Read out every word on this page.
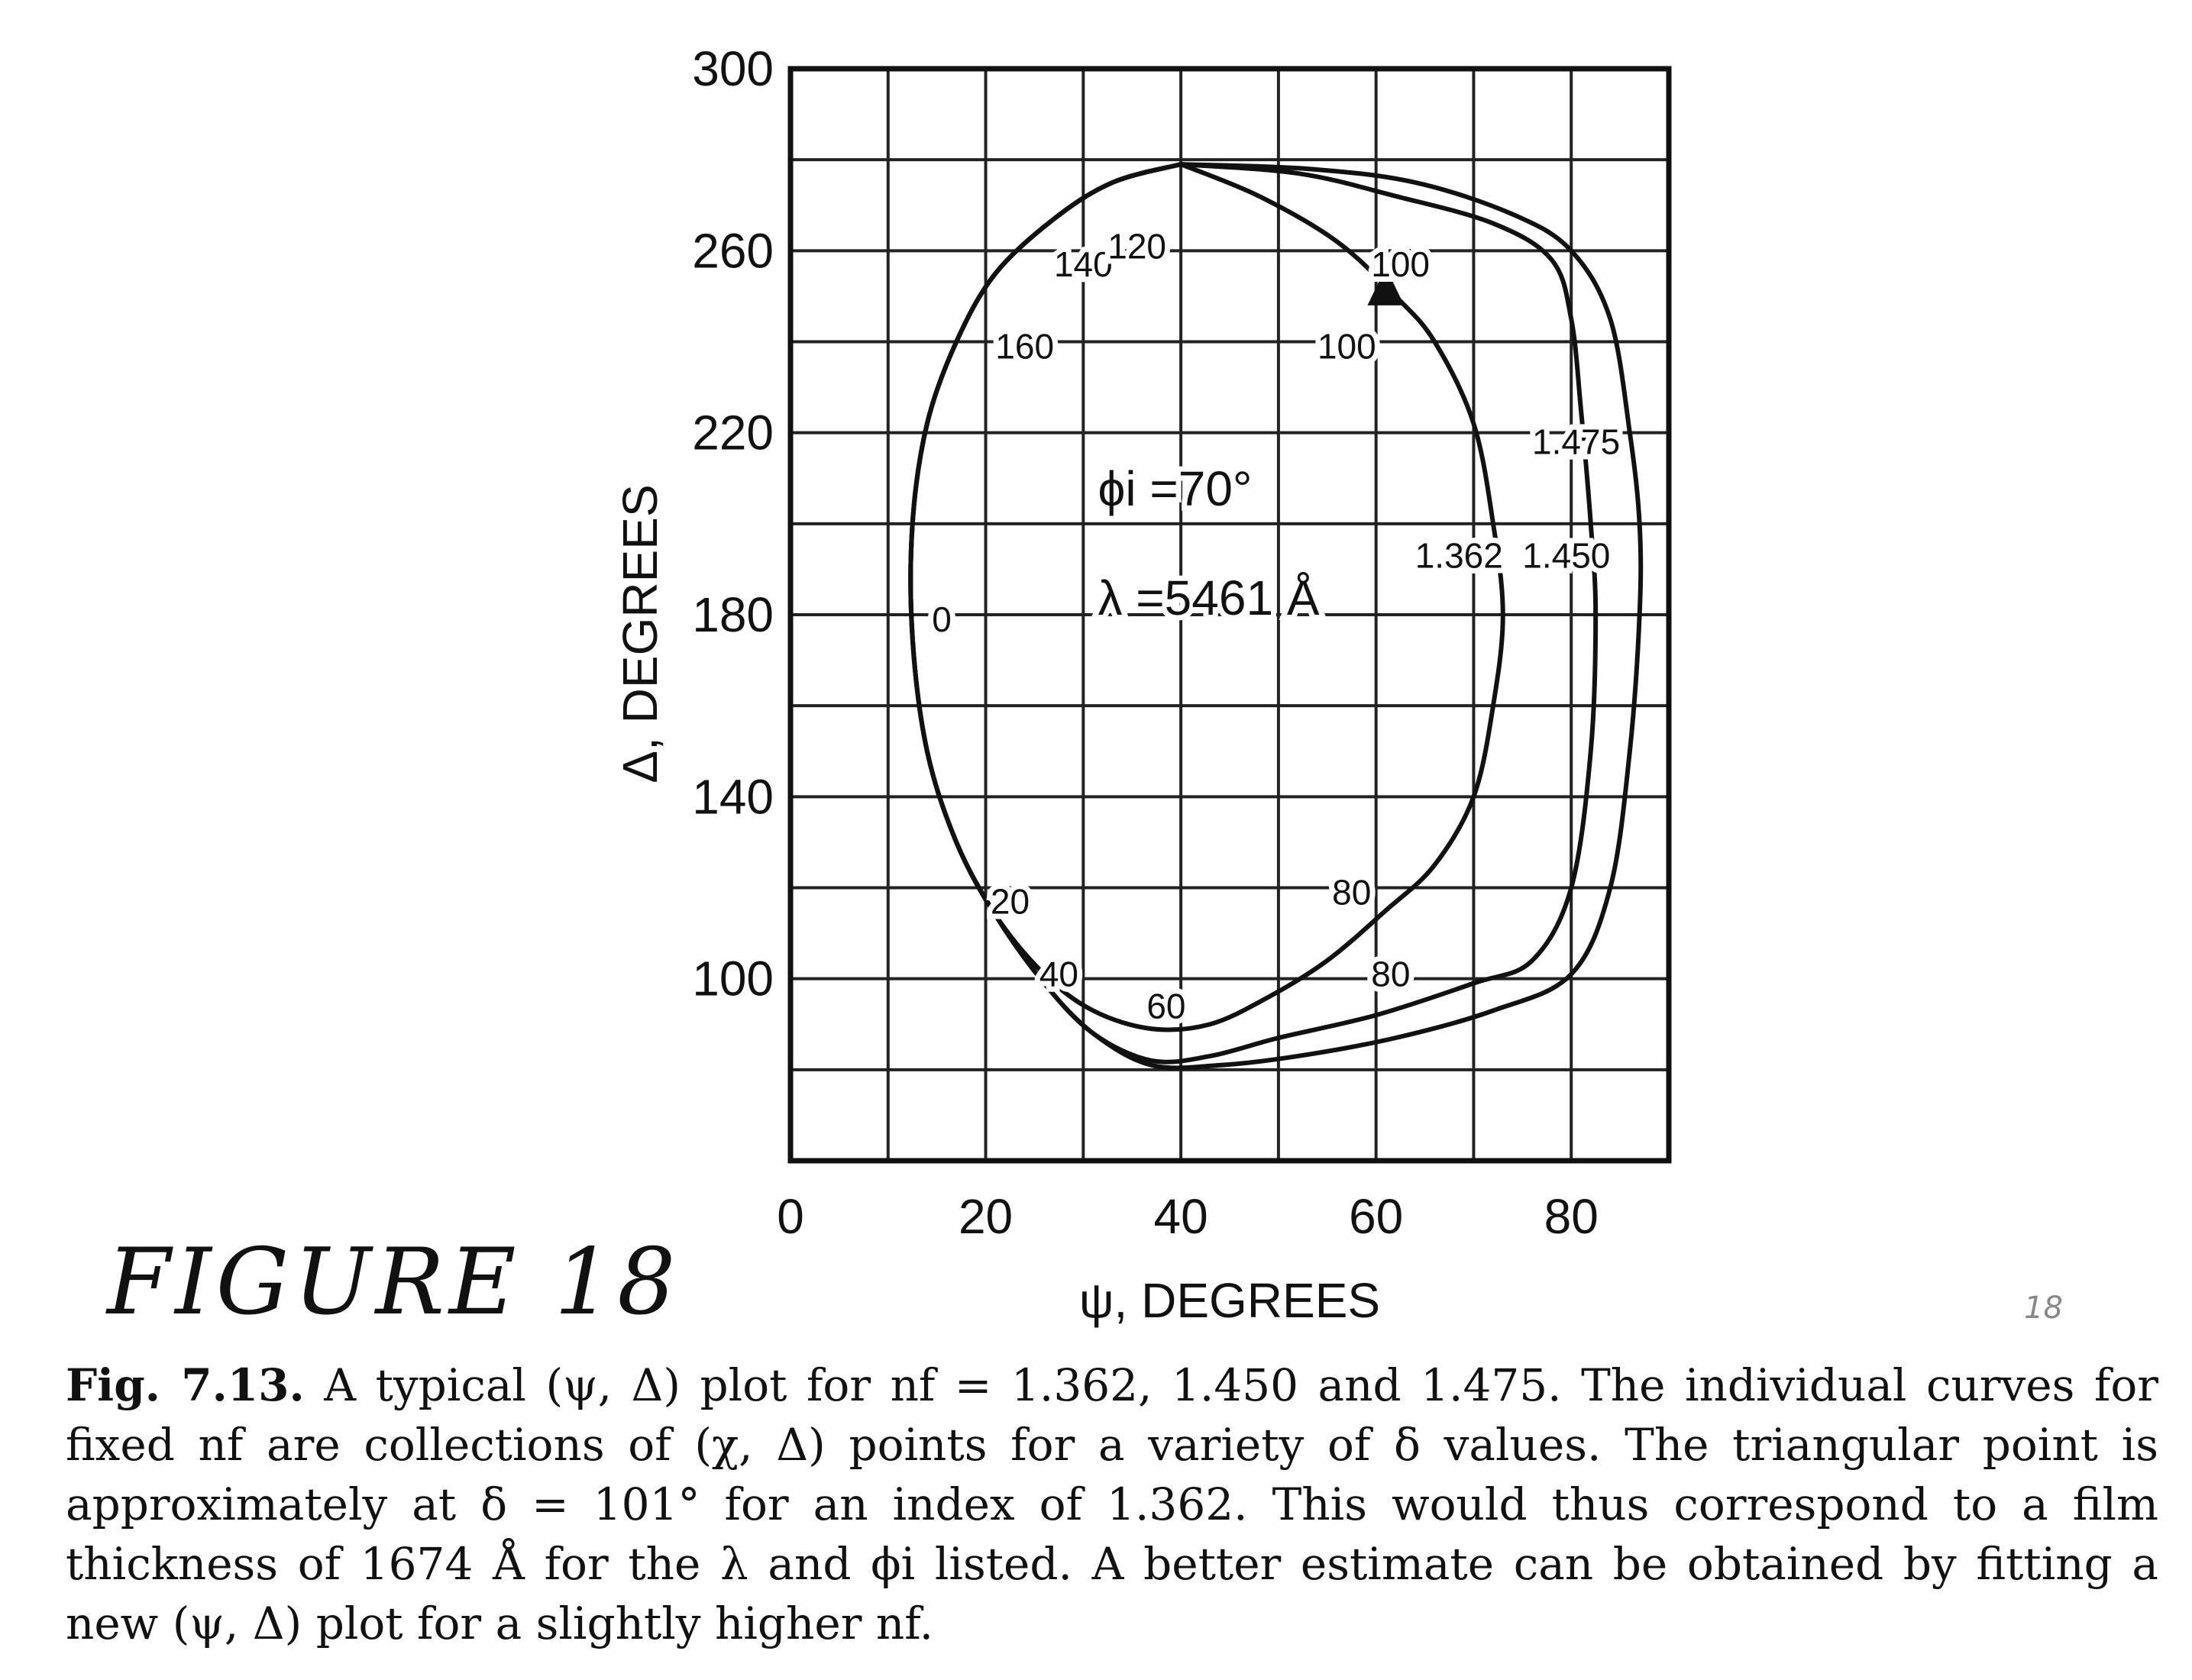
0	20	40	60	80
100
140
180
220
260
300
0
20
40
60
80
80
160
140
120
100
100
1.475
1.362 1.450
ψ, DEGREES
Δ, DEGREES	ϕi =70°
λ =5461 Å
FIGURE 18	18
Fig. 7.13. A typical (ψ, Δ) plot for nf = 1.362, 1.450 and 1.475. The individual curves for fixed nf are collections of (χ, Δ) points for a variety of δ values. The triangular point is approximately at δ = 101° for an index of 1.362. This would thus correspond to a film thickness of 1674 Å for the λ and ϕi listed. A better estimate can be obtained by fitting a new (ψ, Δ) plot for a slightly higher nf.
